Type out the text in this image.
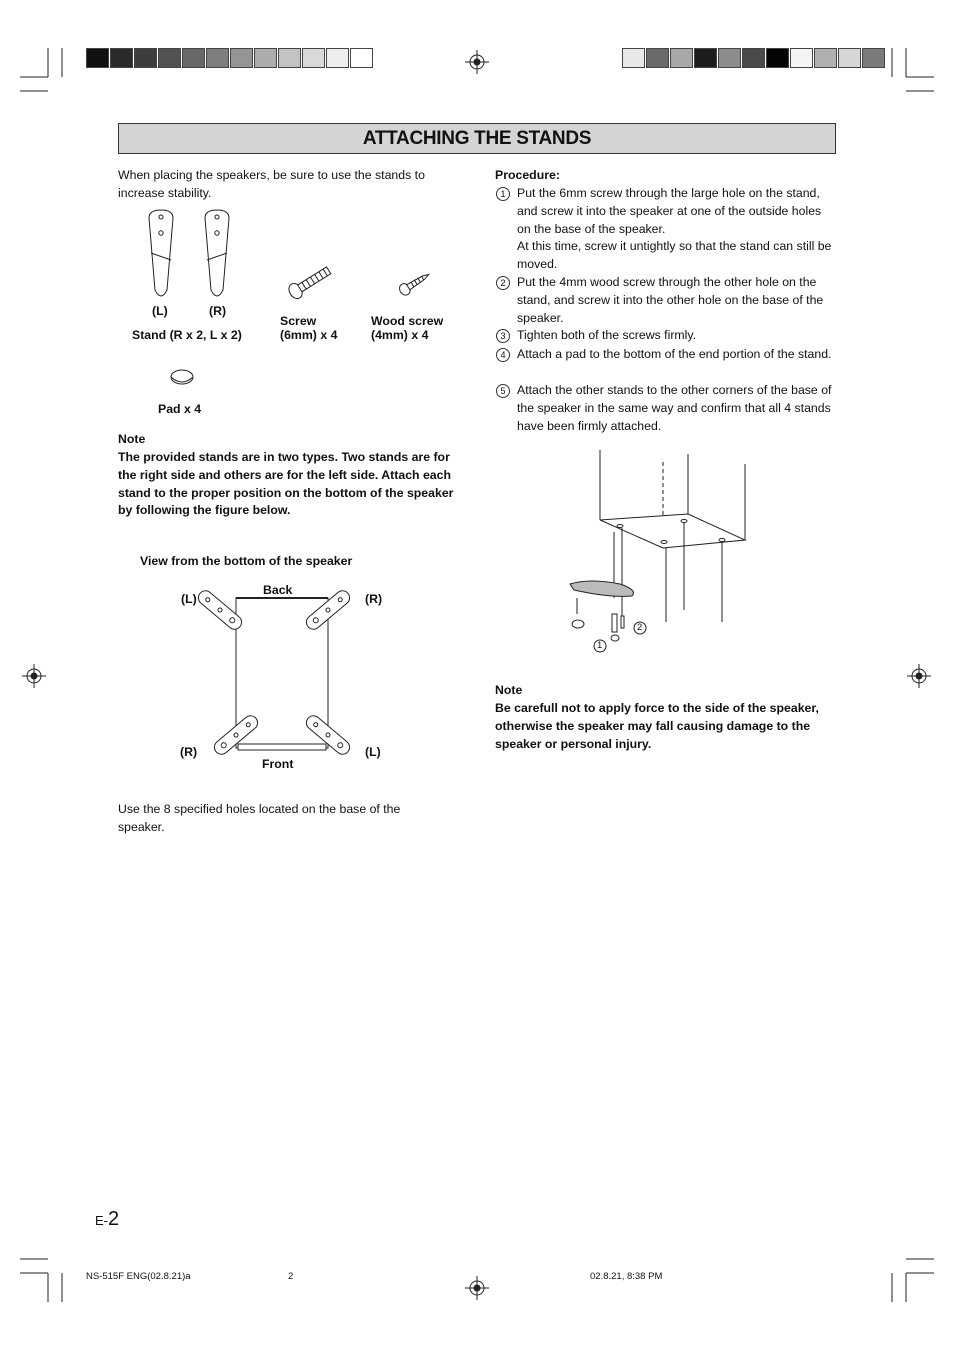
ATTACHING THE STANDS
When placing the speakers, be sure to use the stands to increase stability.
(L)	(R)
Stand (R x 2, L x 2)
Screw
(6mm) x 4
Wood screw
(4mm) x 4
Pad x 4
Note
The provided stands are in two types. Two stands are for the right side and others are for the left side. Attach each stand to the proper position on the bottom of the speaker by following the figure below.
View from the bottom of the speaker
Back
Front
(L)	(R)
(R)	(L)
Use the 8 specified holes located on the base of the speaker.
Procedure:
1 Put the 6mm screw through the large hole on the stand, and screw it into the speaker at one of the outside holes on the base of the speaker.
At this time, screw it untightly so that the stand can still be moved.
2 Put the 4mm wood screw through the other hole on the stand, and screw it into the other hole on the base of the speaker.
3 Tighten both of the screws firmly.
4 Attach a pad to the bottom of the end portion of the stand.
5 Attach the other stands to the other corners of the base of the speaker in the same way and confirm that all 4 stands have been firmly attached.
1
2
Note
Be carefull not to apply force to the side of the speaker, otherwise the speaker may fall causing damage to the speaker or personal injury.
E-2
NS-515F ENG(02.8.21)a	2	02.8.21, 8:38 PM
